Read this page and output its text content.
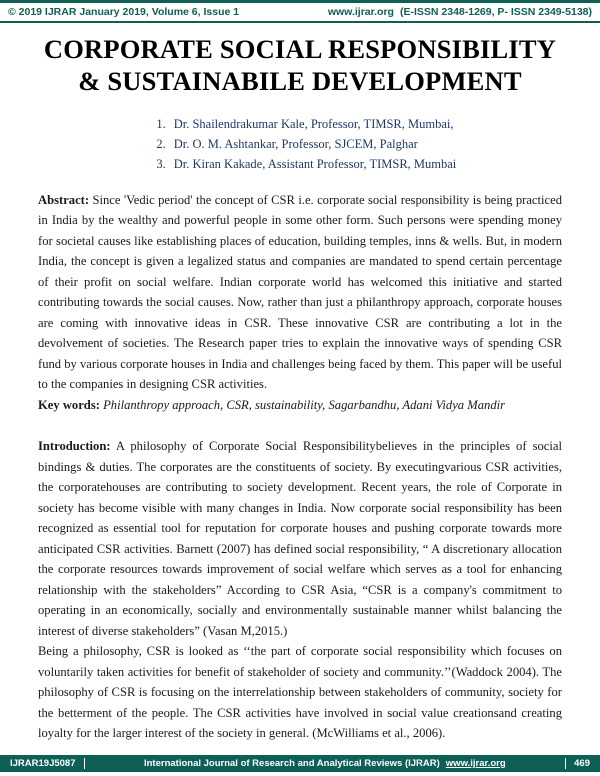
© 2019 IJRAR January 2019, Volume 6, Issue 1	www.ijrar.org (E-ISSN 2348-1269, P- ISSN 2349-5138)
CORPORATE SOCIAL RESPONSIBILITY & SUSTAINABILE DEVELOPMENT
1. Dr. Shailendrakumar Kale, Professor, TIMSR, Mumbai,
2. Dr. O. M. Ashtankar, Professor, SJCEM, Palghar
3. Dr. Kiran Kakade, Assistant Professor, TIMSR, Mumbai

Abstract: Since 'Vedic period' the concept of CSR i.e. corporate social responsibility is being practiced in India by the wealthy and powerful people in some other form. Such persons were spending money for societal causes like establishing places of education, building temples, inns & wells. But, in modern India, the concept is given a legalized status and companies are mandated to spend certain percentage of their profit on social welfare. Indian corporate world has welcomed this initiative and started contributing towards the social causes. Now, rather than just a philanthropy approach, corporate houses are coming with innovative ideas in CSR. These innovative CSR are contributing a lot in the devolvement of societies. The Research paper tries to explain the innovative ways of spending CSR fund by various corporate houses in India and challenges being faced by them. This paper will be useful to the companies in designing CSR activities.

Key words: Philanthropy approach, CSR, sustainability, Sagarbandhu, Adani Vidya Mandir

Introduction: A philosophy of Corporate Social Responsibilitybelieves in the principles of social bindings & duties. The corporates are the constituents of society. By executingvarious CSR activities, the corporatehouses are contributing to society development. Recent years, the role of Corporate in society has become visible with many changes in India. Now corporate social responsibility has been recognized as essential tool for reputation for corporate houses and pushing corporate towards more anticipated CSR activities. Barnett (2007) has defined social responsibility, “ A discretionary allocation the corporate resources towards improvement of social welfare which serves as a tool for enhancing relationship with the stakeholders” According to CSR Asia, “CSR is a company's commitment to operating in an economically, socially and environmentally sustainable manner whilst balancing the interest of diverse stakeholders” (Vasan M,2015.)

Being a philosophy, CSR is looked as ‘‘the part of corporate social responsibility which focuses on voluntarily taken activities for benefit of stakeholder of society and community.’’(Waddock 2004). The philosophy of CSR is focusing on the interrelationship between stakeholders of community, society for the betterment of the people. The CSR activities have involved in social value creationsand creating loyalty for the larger interest of the society in general. (McWilliams et al., 2006).

IJRAR19J5087	International Journal of Research and Analytical Reviews (IJRAR) www.ijrar.org	469
